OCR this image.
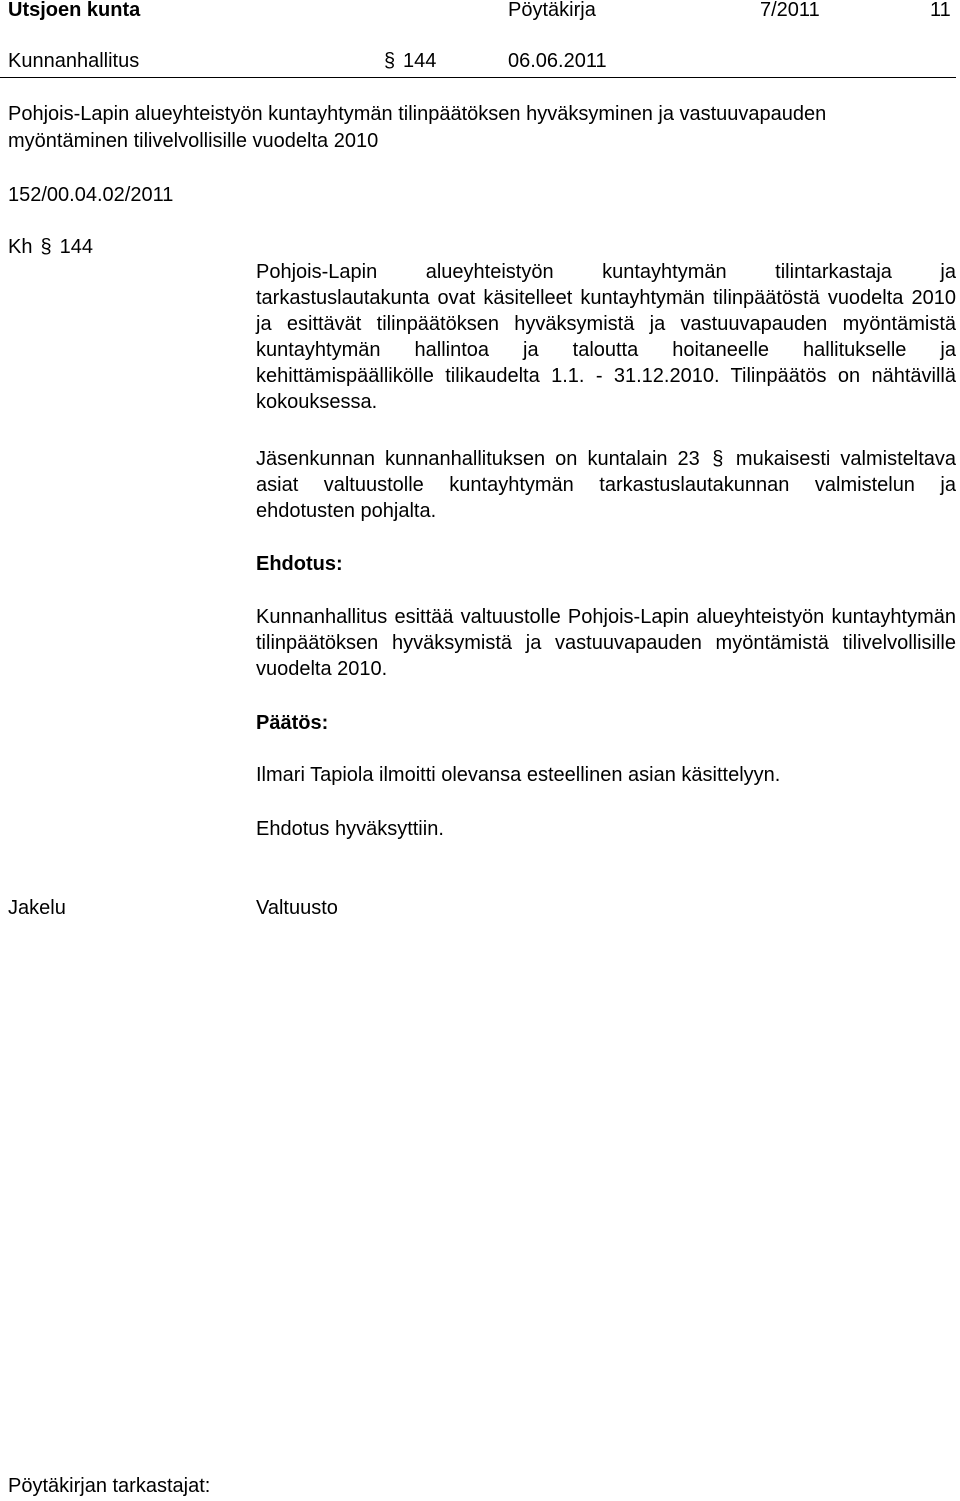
Utsjoen kunta	Pöytäkirja	7/2011	11
Kunnanhallitus	§ 144	06.06.2011
Pohjois-Lapin alueyhteistyön kuntayhtymän tilinpäätöksen hyväksyminen ja vastuuvapauden
myöntäminen tilivelvollisille vuodelta 2010
152/00.04.02/2011
Kh § 144
Pohjois-Lapin alueyhteistyön kuntayhtymän tilintarkastaja ja tarkastuslautakunta ovat käsitelleet kuntayhtymän tilinpäätöstä vuodelta 2010 ja esittävät tilinpäätöksen hyväksymistä ja vastuuvapauden myöntämistä kuntayhtymän hallintoa ja taloutta hoitaneelle hallitukselle ja kehittämispäällikölle tilikaudelta 1.1. - 31.12.2010. Tilinpäätös on nähtävillä kokouksessa.
Jäsenkunnan kunnanhallituksen on kuntalain 23 § mukaisesti valmisteltava asiat valtuustolle kuntayhtymän tarkastuslautakunnan valmistelun ja ehdotusten pohjalta.
Ehdotus:
Kunnanhallitus esittää valtuustolle Pohjois-Lapin alueyhteistyön kuntayhtymän tilinpäätöksen hyväksymistä ja vastuuvapauden myöntämistä tilivelvollisille vuodelta 2010.
Päätös:
Ilmari Tapiola ilmoitti olevansa esteellinen asian käsittelyyn.
Ehdotus hyväksyttiin.
Jakelu	Valtuusto
Pöytäkirjan tarkastajat:
